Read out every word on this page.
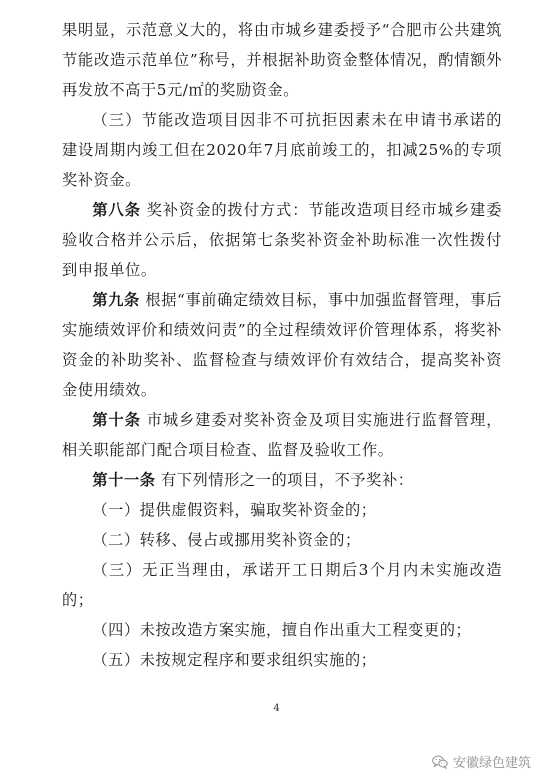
果明显，示范意义大的，将由市城乡建委授予“合肥市公共建筑节能改造示范单位”称号，并根据补助资金整体情况，酌情额外再发放不高于5元/㎡的奖励资金。

（三）节能改造项目因非不可抗拒因素未在申请书承诺的建设周期内竣工但在2020年7月底前竣工的，扣减25%的专项奖补资金。

第八条 奖补资金的拨付方式：节能改造项目经市城乡建委验收合格并公示后，依据第七条奖补资金补助标准一次性拨付到申报单位。

第九条 根据“事前确定绩效目标，事中加强监督管理，事后实施绩效评价和绩效问责”的全过程绩效评价管理体系，将奖补资金的补助奖补、监督检查与绩效评价有效结合，提高奖补资金使用绩效。

第十条 市城乡建委对奖补资金及项目实施进行监督管理，相关职能部门配合项目检查、监督及验收工作。

第十一条 有下列情形之一的项目，不予奖补：

（一）提供虚假资料，骗取奖补资金的；

（二）转移、侵占或挪用奖补资金的；

（三）无正当理由，承诺开工日期后3个月内未实施改造的；

（四）未按改造方案实施，擅自作出重大工程变更的；

（五）未按规定程序和要求组织实施的；

4
安徽绿色建筑
